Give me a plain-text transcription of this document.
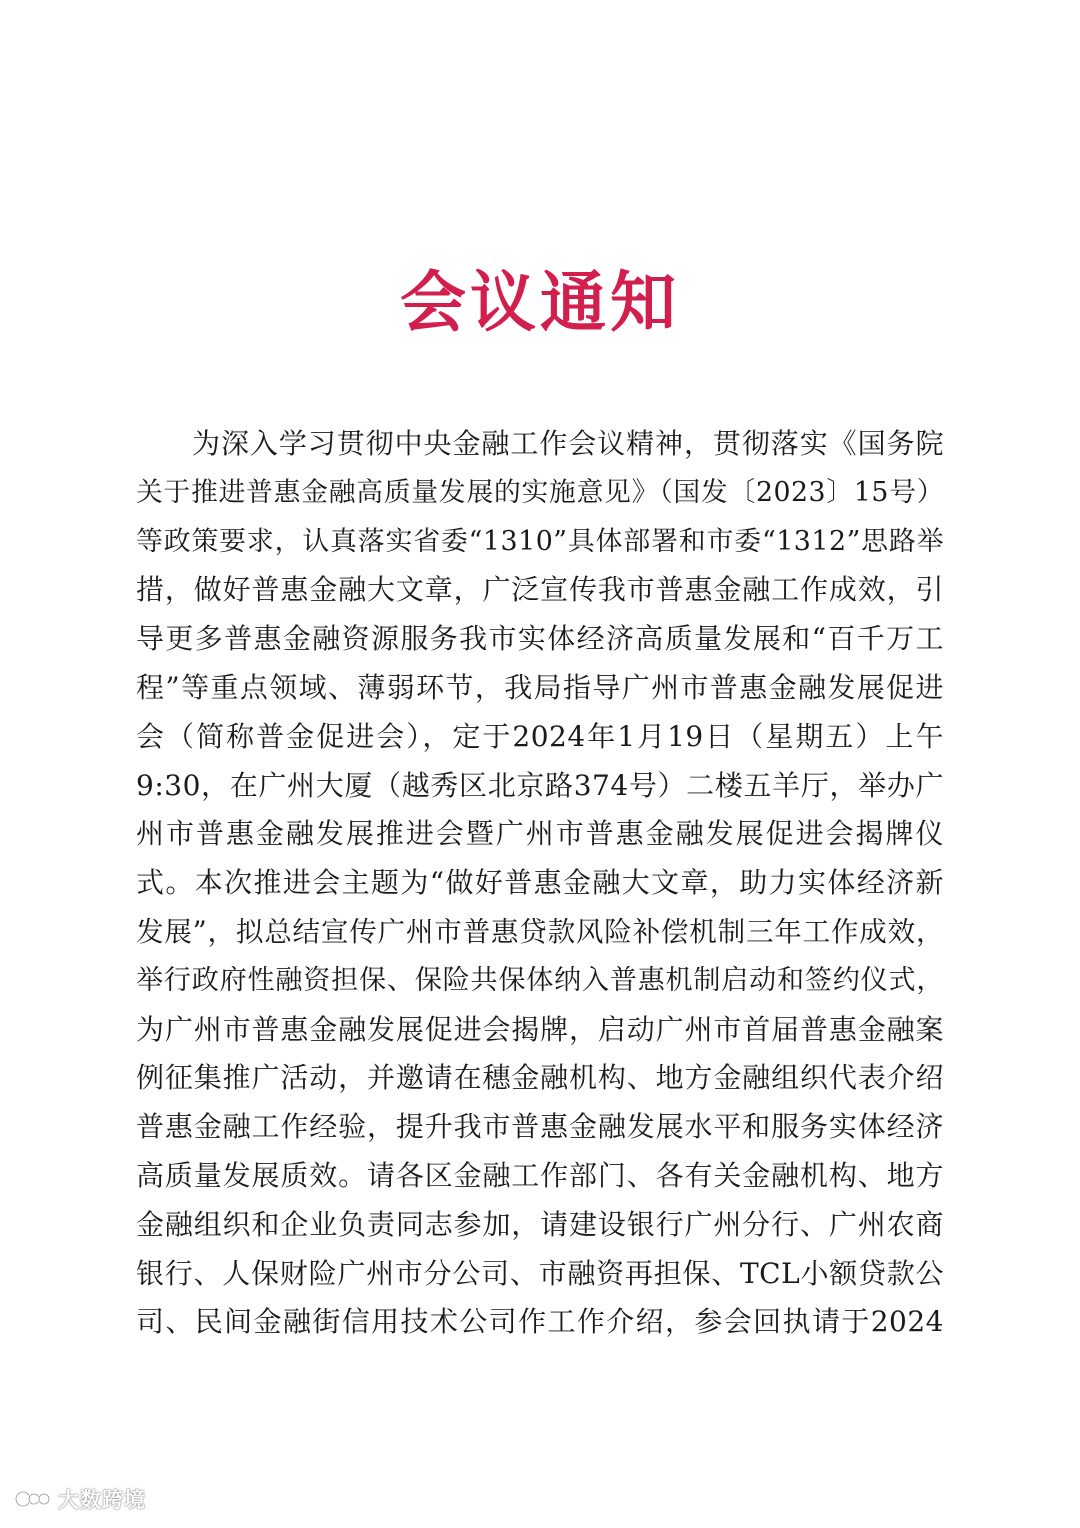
会议通知
为深入学习贯彻中央金融工作会议精神，贯彻落实《国务院
关于推进普惠金融高质量发展的实施意见》（国发〔2023〕15号）
等政策要求，认真落实省委“1310”具体部署和市委“1312”思路举
措，做好普惠金融大文章，广泛宣传我市普惠金融工作成效，引
导更多普惠金融资源服务我市实体经济高质量发展和“百千万工
程”等重点领域、薄弱环节，我局指导广州市普惠金融发展促进
会（简称普金促进会），定于2024年1月19日（星期五）上午
9:30，在广州大厦（越秀区北京路374号）二楼五羊厅，举办广
州市普惠金融发展推进会暨广州市普惠金融发展促进会揭牌仪
式。本次推进会主题为“做好普惠金融大文章，助力实体经济新
发展”，拟总结宣传广州市普惠贷款风险补偿机制三年工作成效，
举行政府性融资担保、保险共保体纳入普惠机制启动和签约仪式，
为广州市普惠金融发展促进会揭牌，启动广州市首届普惠金融案
例征集推广活动，并邀请在穗金融机构、地方金融组织代表介绍
普惠金融工作经验，提升我市普惠金融发展水平和服务实体经济
高质量发展质效。请各区金融工作部门、各有关金融机构、地方
金融组织和企业负责同志参加，请建设银行广州分行、广州农商
银行、人保财险广州市分公司、市融资再担保、TCL小额贷款公
司、民间金融街信用技术公司作工作介绍，参会回执请于2024
大数跨境
